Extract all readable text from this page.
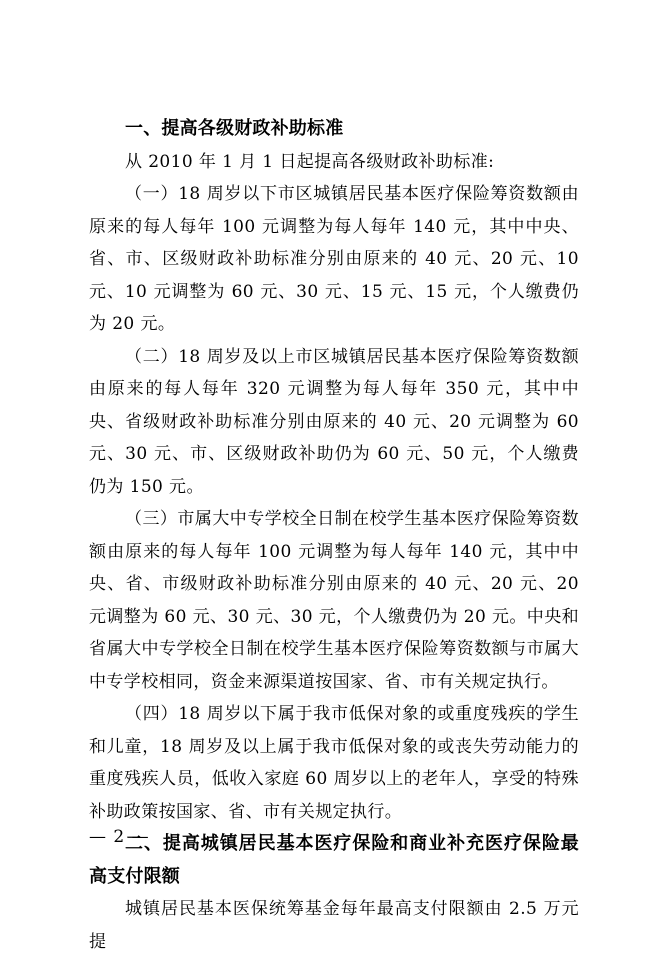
一、提高各级财政补助标准

从 2010 年 1 月 1 日起提高各级财政补助标准:

（一）18 周岁以下市区城镇居民基本医疗保险筹资数额由原来的每人每年 100 元调整为每人每年 140 元，其中中央、省、市、区级财政补助标准分别由原来的 40 元、20 元、10 元、10 元调整为 60 元、30 元、15 元、15 元，个人缴费仍为 20 元。

（二）18 周岁及以上市区城镇居民基本医疗保险筹资数额由原来的每人每年 320 元调整为每人每年 350 元，其中中央、省级财政补助标准分别由原来的 40 元、20 元调整为 60 元、30 元、市、区级财政补助仍为 60 元、50 元，个人缴费仍为 150 元。

（三）市属大中专学校全日制在校学生基本医疗保险筹资数额由原来的每人每年 100 元调整为每人每年 140 元，其中中央、省、市级财政补助标准分别由原来的 40 元、20 元、20 元调整为 60 元、30 元、30 元，个人缴费仍为 20 元。中央和省属大中专学校全日制在校学生基本医疗保险筹资数额与市属大中专学校相同，资金来源渠道按国家、省、市有关规定执行。

（四）18 周岁以下属于我市低保对象的或重度残疾的学生和儿童，18 周岁及以上属于我市低保对象的或丧失劳动能力的重度残疾人员，低收入家庭 60 周岁以上的老年人，享受的特殊补助政策按国家、省、市有关规定执行。

二、提高城镇居民基本医疗保险和商业补充医疗保险最高支付限额

城镇居民基本医保统筹基金每年最高支付限额由 2.5 万元提

— 2 —
